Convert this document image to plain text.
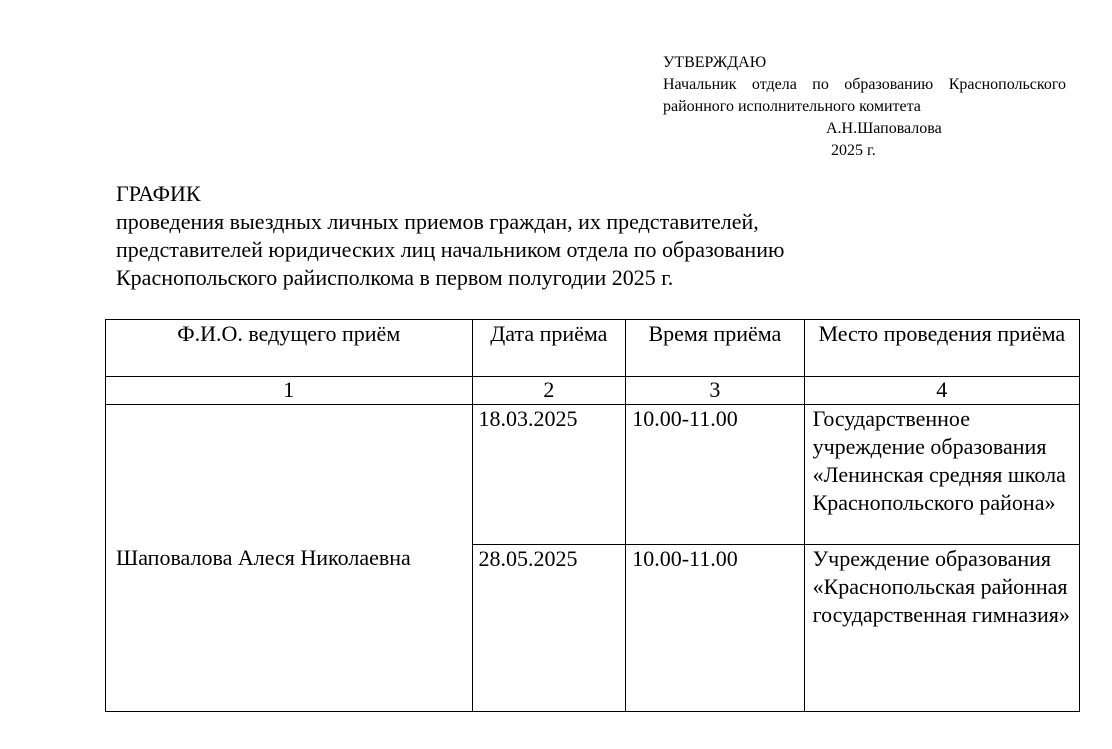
УТВЕРЖДАЮ
Начальник отдела по образованию Краснопольского районного исполнительного комитета
А.Н.Шаповалова
2025 г.
ГРАФИК
проведения выездных личных приемов граждан, их представителей, представителей юридических лиц начальником отдела по образованию Краснопольского райисполкома в первом полугодии 2025 г.
Ф.И.О. ведущего приём	Дата приёма	Время приёма	Место проведения приёма
1	2	3	4
Шаповалова Алеся Николаевна	18.03.2025	10.00-11.00	Государственное учреждение образования «Ленинская средняя школа Краснопольского района»
	28.05.2025	10.00-11.00	Учреждение образования «Краснопольская районная государственная гимназия»
